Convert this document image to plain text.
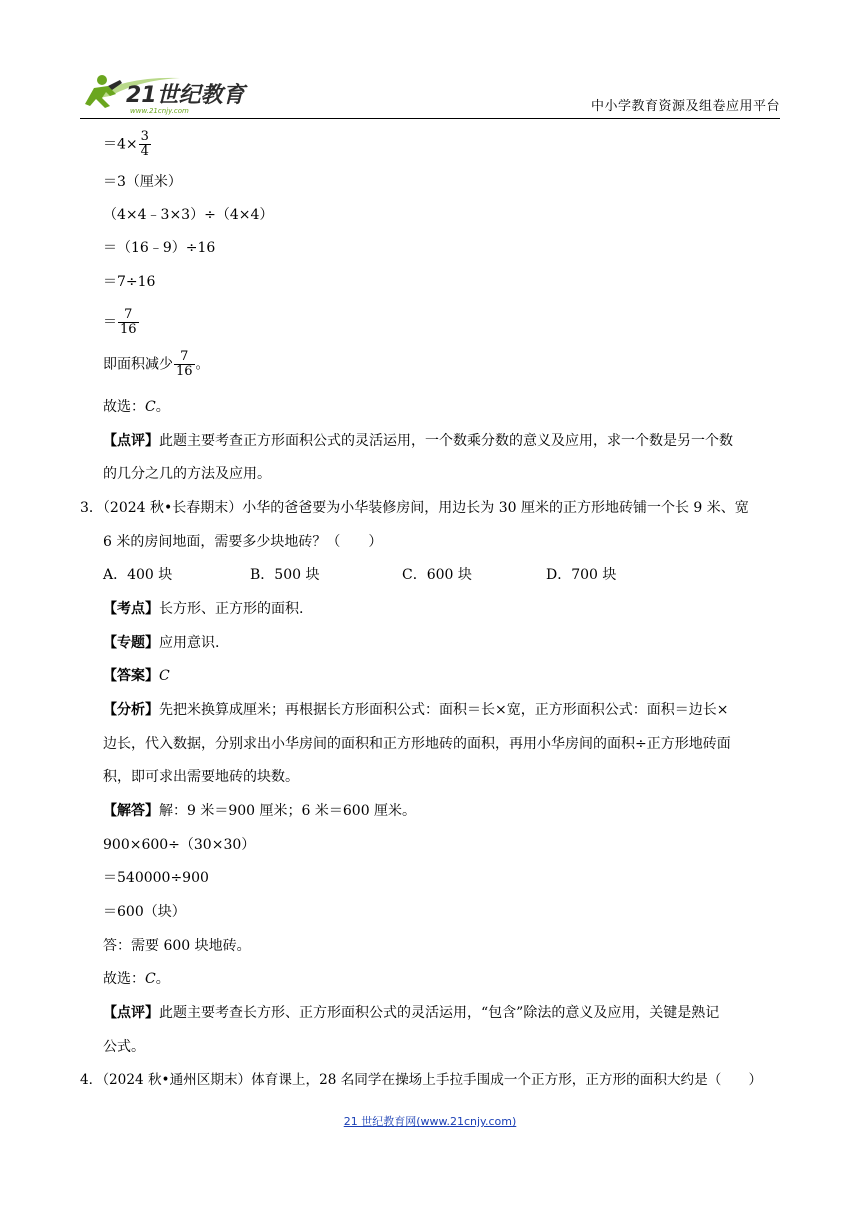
21世纪教育
www.21cnjy.com	中小学教育资源及组卷应用平台
$=4\times \frac{3}{4}$
＝3（厘米）
（4×4﹣3×3）÷（4×4）
＝（16﹣9）÷16
＝7÷16
＝ $\frac{7}{16}$
即面积减少 $\frac{7}{16}$ 。
故选：C。
【点评】此题主要考查正方形面积公式的灵活运用，一个数乘分数的意义及应用，求一个数是另一个数
的几分之几的方法及应用。
3．（2024 秋•长春期末）小华的爸爸要为小华装修房间，用边长为 30 厘米的正方形地砖铺一个长 9 米、宽
6 米的房间地面，需要多少块地砖？（　　）
A．400 块	B．500 块	C．600 块	D．700 块
【考点】长方形、正方形的面积.
【专题】应用意识.
【答案】C
【分析】先把米换算成厘米；再根据长方形面积公式：面积＝长×宽，正方形面积公式：面积＝边长×
边长，代入数据，分别求出小华房间的面积和正方形地砖的面积，再用小华房间的面积÷正方形地砖面
积，即可求出需要地砖的块数。
【解答】解：9 米＝900 厘米；6 米＝600 厘米。
900×600÷（30×30）
＝540000÷900
＝600（块）
答：需要 600 块地砖。
故选：C。
【点评】此题主要考查长方形、正方形面积公式的灵活运用，“包含”除法的意义及应用，关键是熟记
公式。
4．（2024 秋•通州区期末）体育课上，28 名同学在操场上手拉手围成一个正方形，正方形的面积大约是（　　）
21 世纪教育网(www.21cnjy.com)
